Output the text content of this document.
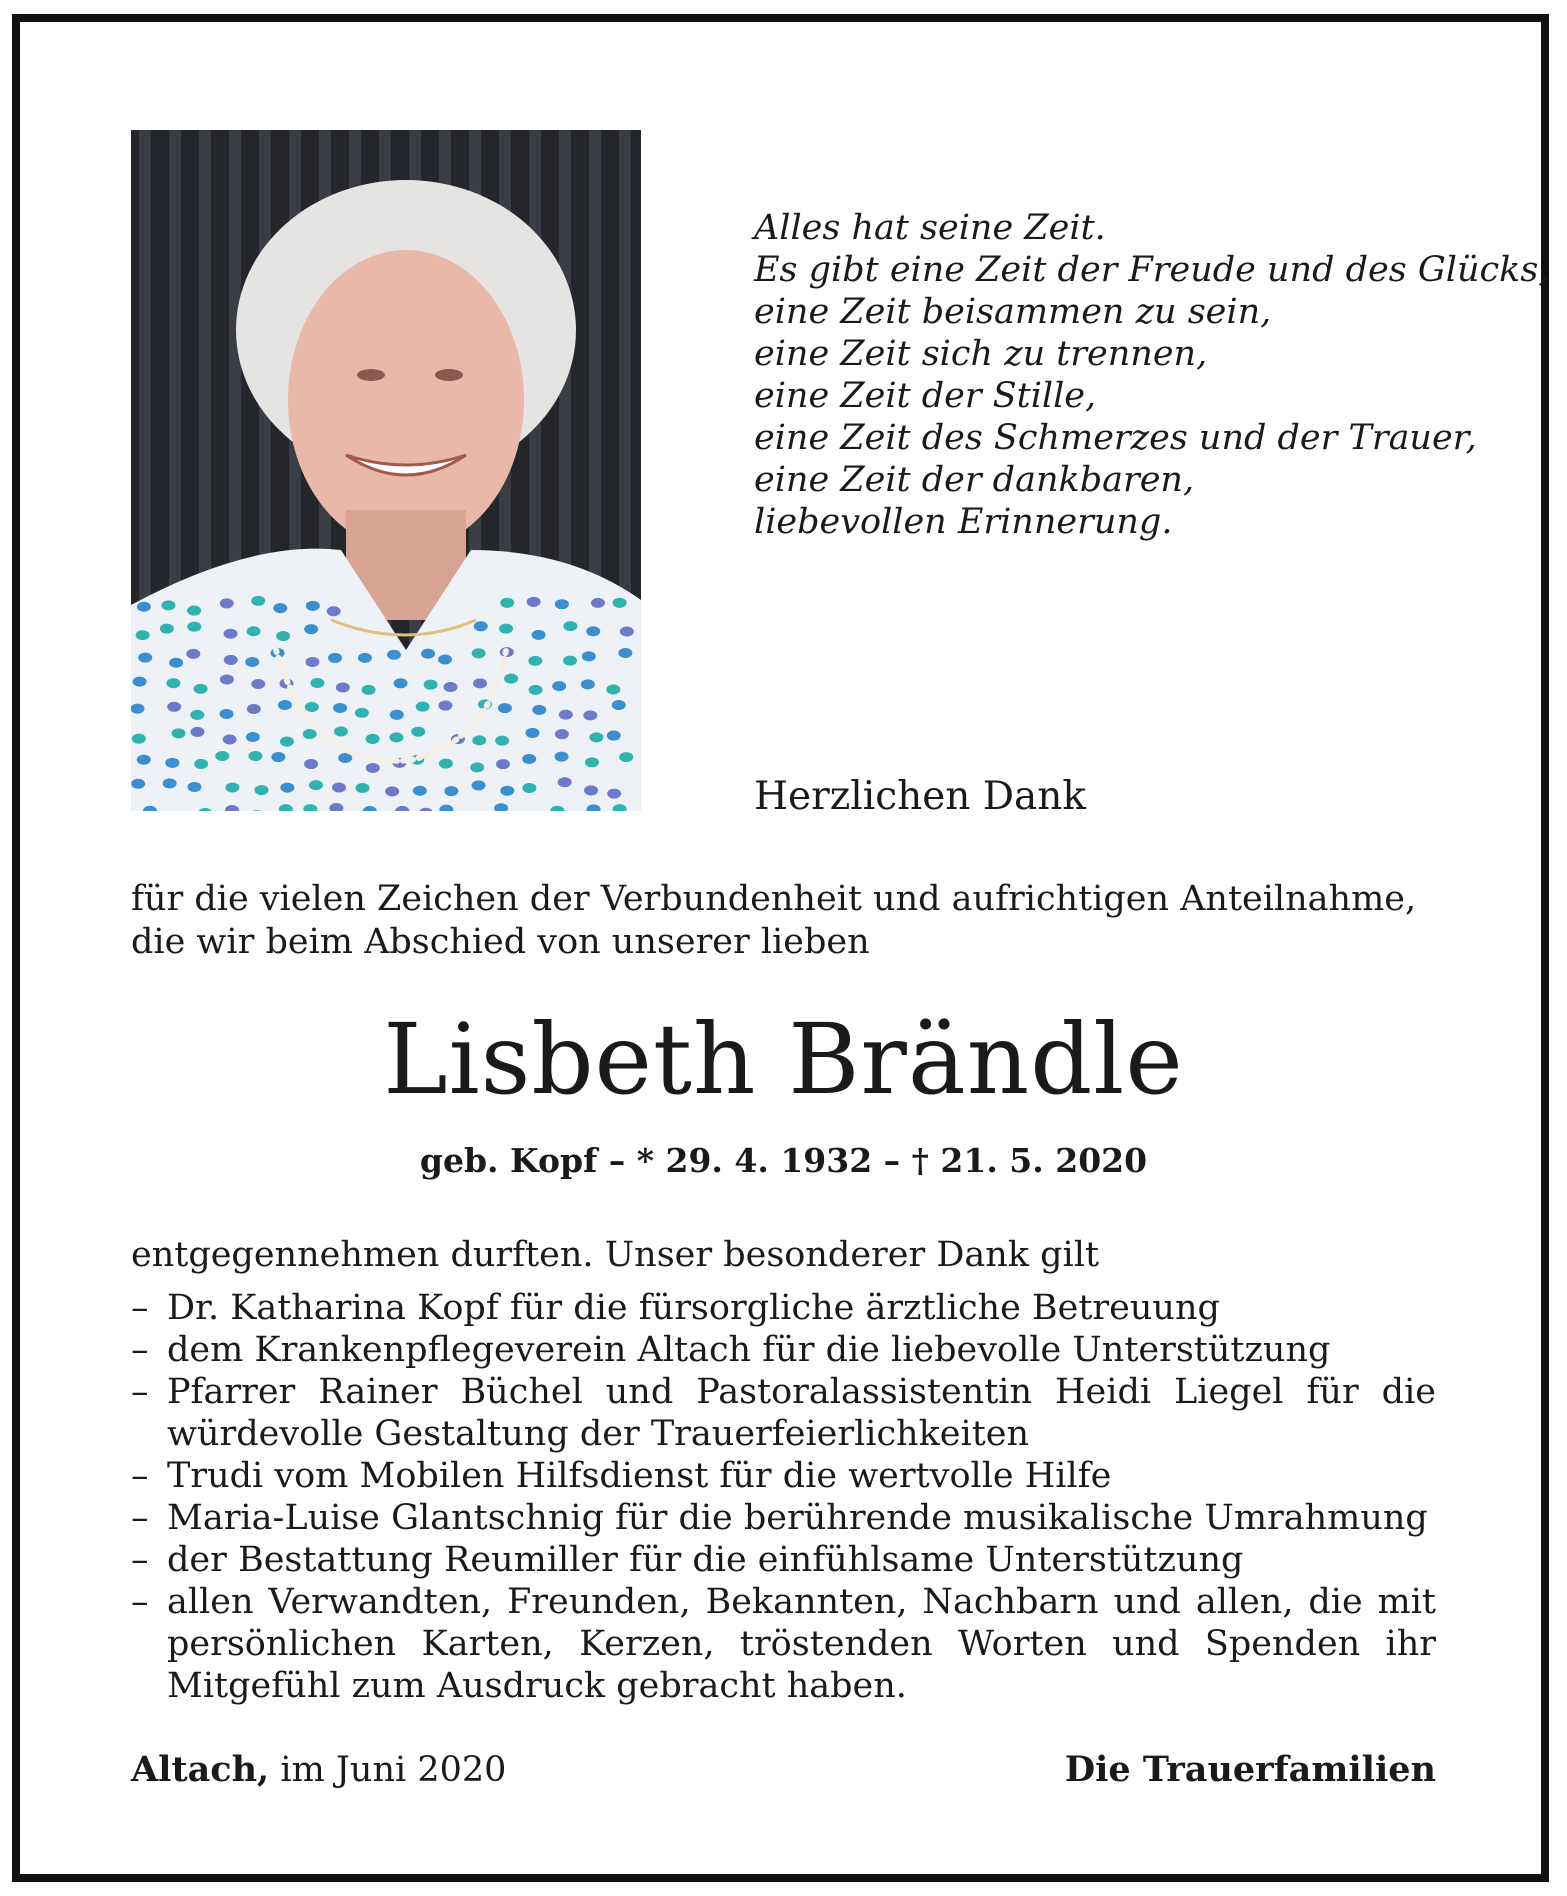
Alles hat seine Zeit.
Es gibt eine Zeit der Freude und des Glücks,
eine Zeit beisammen zu sein,
eine Zeit sich zu trennen,
eine Zeit der Stille,
eine Zeit des Schmerzes und der Trauer,
eine Zeit der dankbaren,
liebevollen Erinnerung.
Herzlichen Dank
für die vielen Zeichen der Verbundenheit und aufrichtigen Anteilnahme, die wir beim Abschied von unserer lieben
Lisbeth Brändle
geb. Kopf – * 29. 4. 1932 – † 21. 5. 2020
entgegennehmen durften. Unser besonderer Dank gilt
– Dr. Katharina Kopf für die fürsorgliche ärztliche Betreuung
– dem Krankenpflegeverein Altach für die liebevolle Unterstützung
– Pfarrer Rainer Büchel und Pastoralassistentin Heidi Liegel für die würdevolle Gestaltung der Trauerfeierlichkeiten
– Trudi vom Mobilen Hilfsdienst für die wertvolle Hilfe
– Maria-Luise Glantschnig für die berührende musikalische Umrahmung
– der Bestattung Reumiller für die einfühlsame Unterstützung
– allen Verwandten, Freunden, Bekannten, Nachbarn und allen, die mit persönlichen Karten, Kerzen, tröstenden Worten und Spenden ihr Mitgefühl zum Ausdruck gebracht haben.
Altach, im Juni 2020	Die Trauerfamilien
